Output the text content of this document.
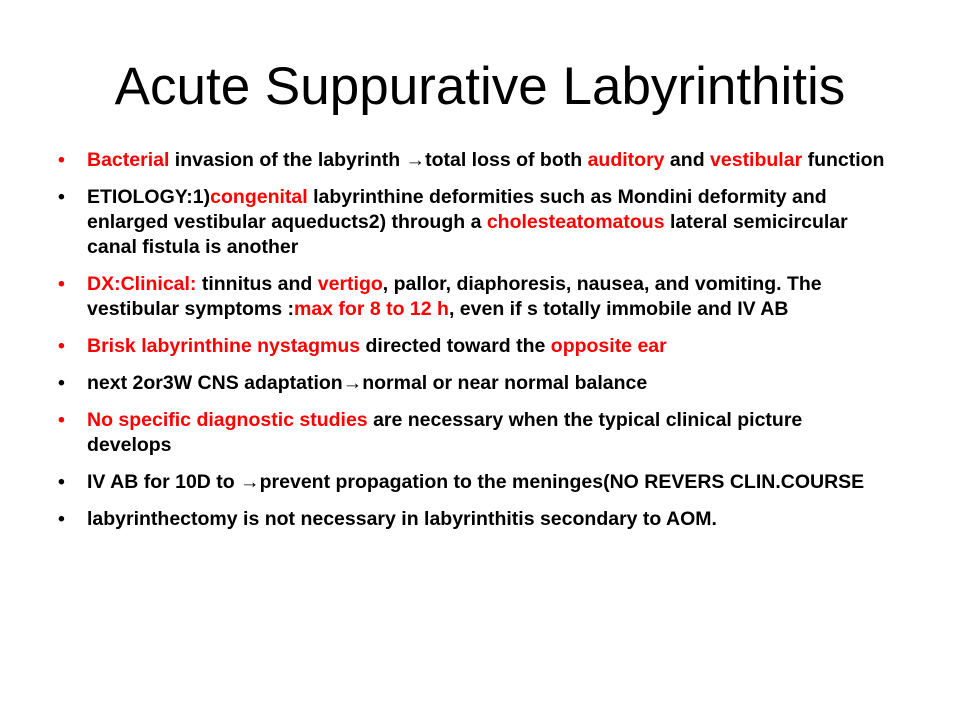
Acute Suppurative Labyrinthitis
• Bacterial invasion of the labyrinth →total loss of both auditory and vestibular function
• ETIOLOGY:1)congenital labyrinthine deformities such as Mondini deformity and enlarged vestibular aqueducts2) through a cholesteatomatous lateral semicircular canal fistula is another
• DX:Clinical: tinnitus and vertigo, pallor, diaphoresis, nausea, and vomiting. The vestibular symptoms :max for 8 to 12 h, even if s totally immobile and IV AB
• Brisk labyrinthine nystagmus directed toward the opposite ear
• next 2or3W CNS adaptation→normal or near normal balance
• No specific diagnostic studies are necessary when the typical clinical picture develops
• IV AB for 10D to →prevent propagation to the meninges(NO REVERS CLIN.COURSE
• labyrinthectomy is not necessary in labyrinthitis secondary to AOM.
